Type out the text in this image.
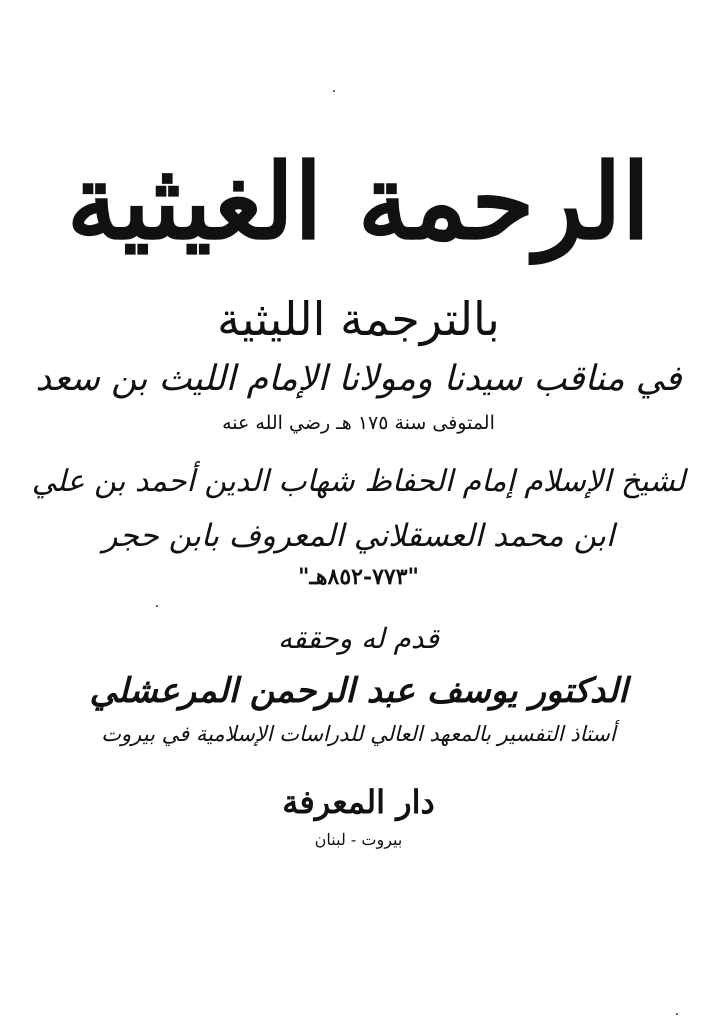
الرحمة الغيثية
بالترجمة الليثية
في مناقب سيدنا ومولانا الإمام الليث بن سعد
المتوفى سنة ١٧٥ هـ رضي الله عنه
لشيخ الإسلام إمام الحفاظ شهاب الدين أحمد بن علي
ابن محمد العسقلاني المعروف بابن حجر
"٧٧٣-٨٥٢هـ"
قدم له وحققه
الدكتور يوسف عبد الرحمن المرعشلي
أستاذ التفسير بالمعهد العالي للدراسات الإسلامية في بيروت
دار المعرفة
بيروت - لبنان
